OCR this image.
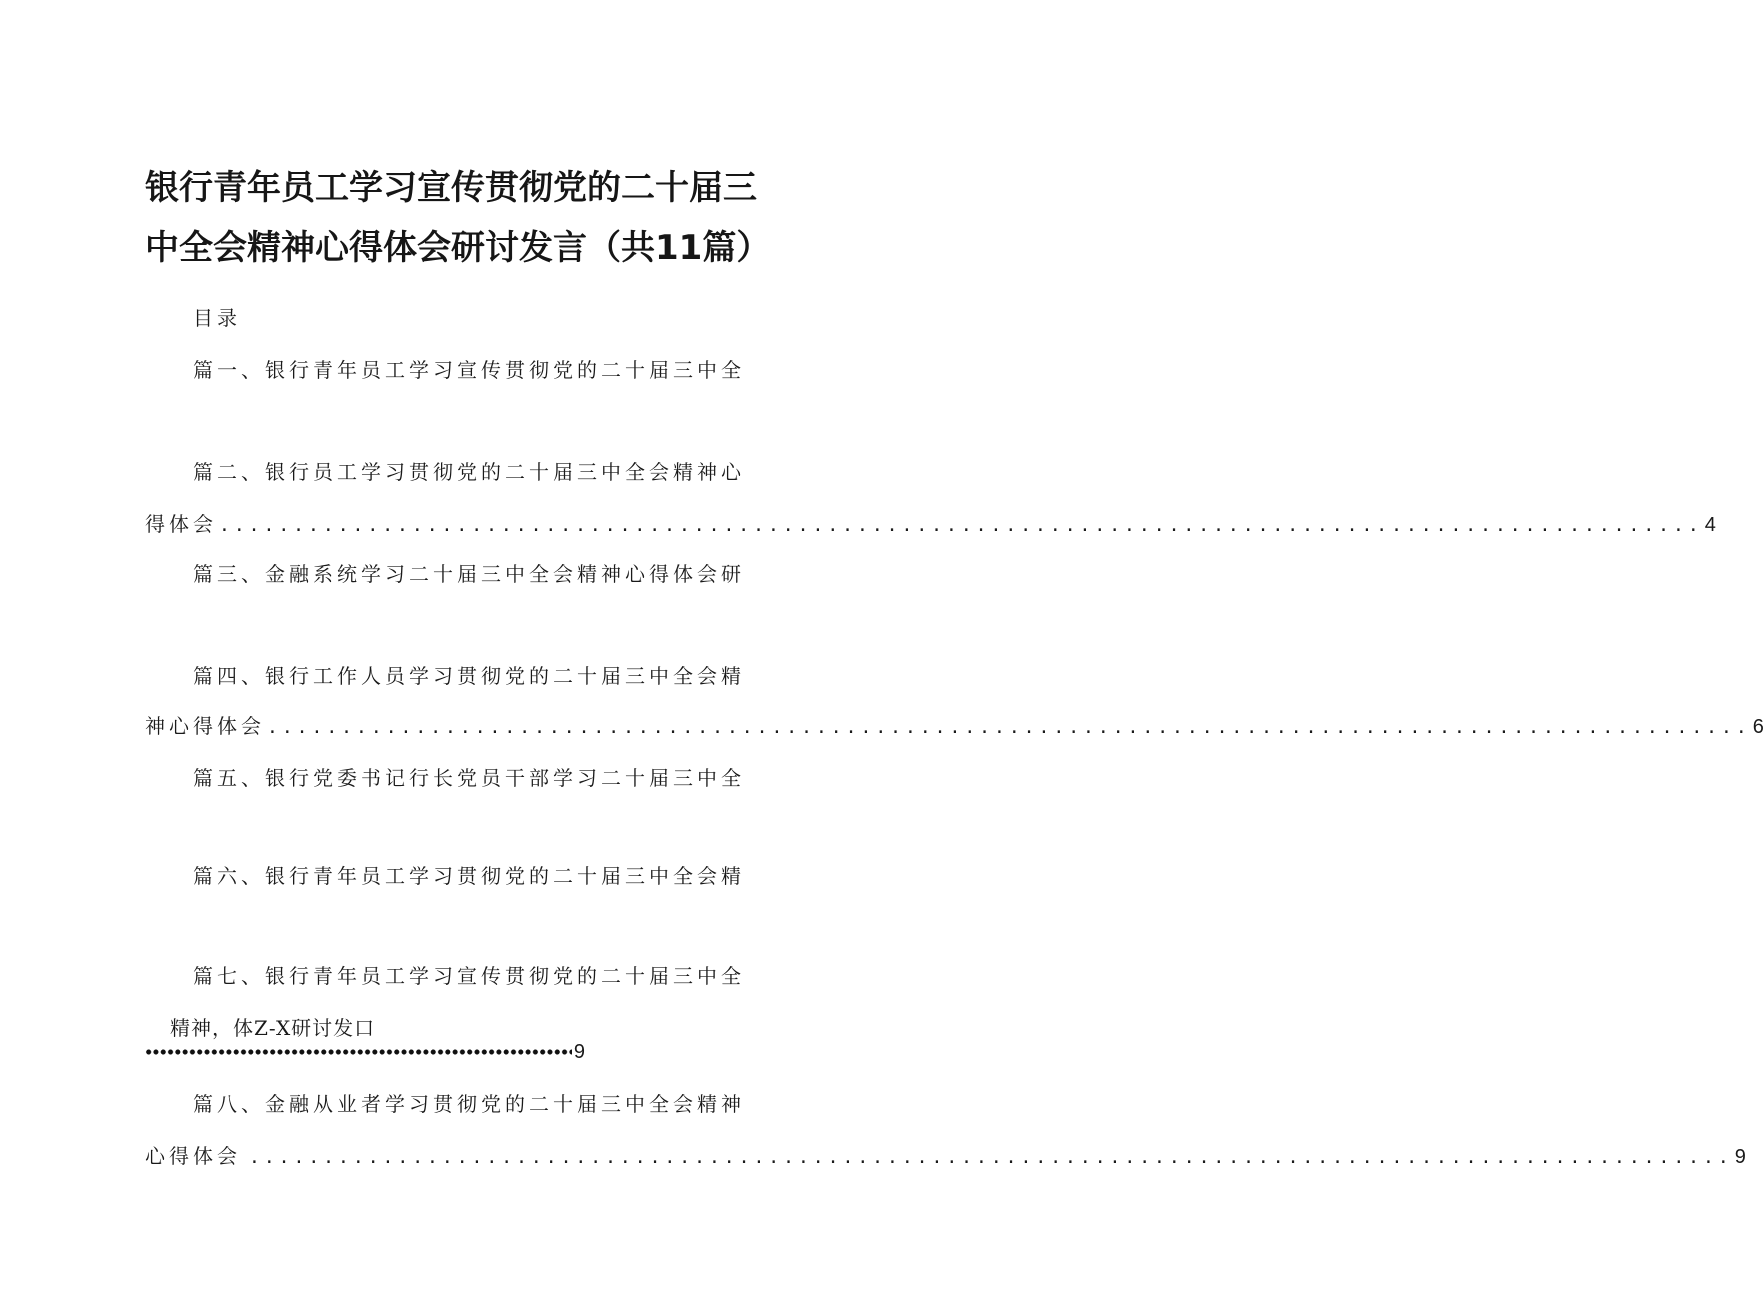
银行青年员工学习宣传贯彻党的二十届三
中全会精神心得体会研讨发言（共11篇）
目录
篇一、银行青年员工学习宣传贯彻党的二十届三中全
篇二、银行员工学习贯彻党的二十届三中全会精神心
得体会 .................................................................................................... 4
篇三、金融系统学习二十届三中全会精神心得体会研
篇四、银行工作人员学习贯彻党的二十届三中全会精
神心得体会 .................................................................................................... 6
篇五、银行党委书记行长党员干部学习二十届三中全
篇六、银行青年员工学习贯彻党的二十届三中全会精
篇七、银行青年员工学习宣传贯彻党的二十届三中全
精神，体Z-X研讨发口
9
篇八、金融从业者学习贯彻党的二十届三中全会精神
心得体会 .................................................................................................... 9
